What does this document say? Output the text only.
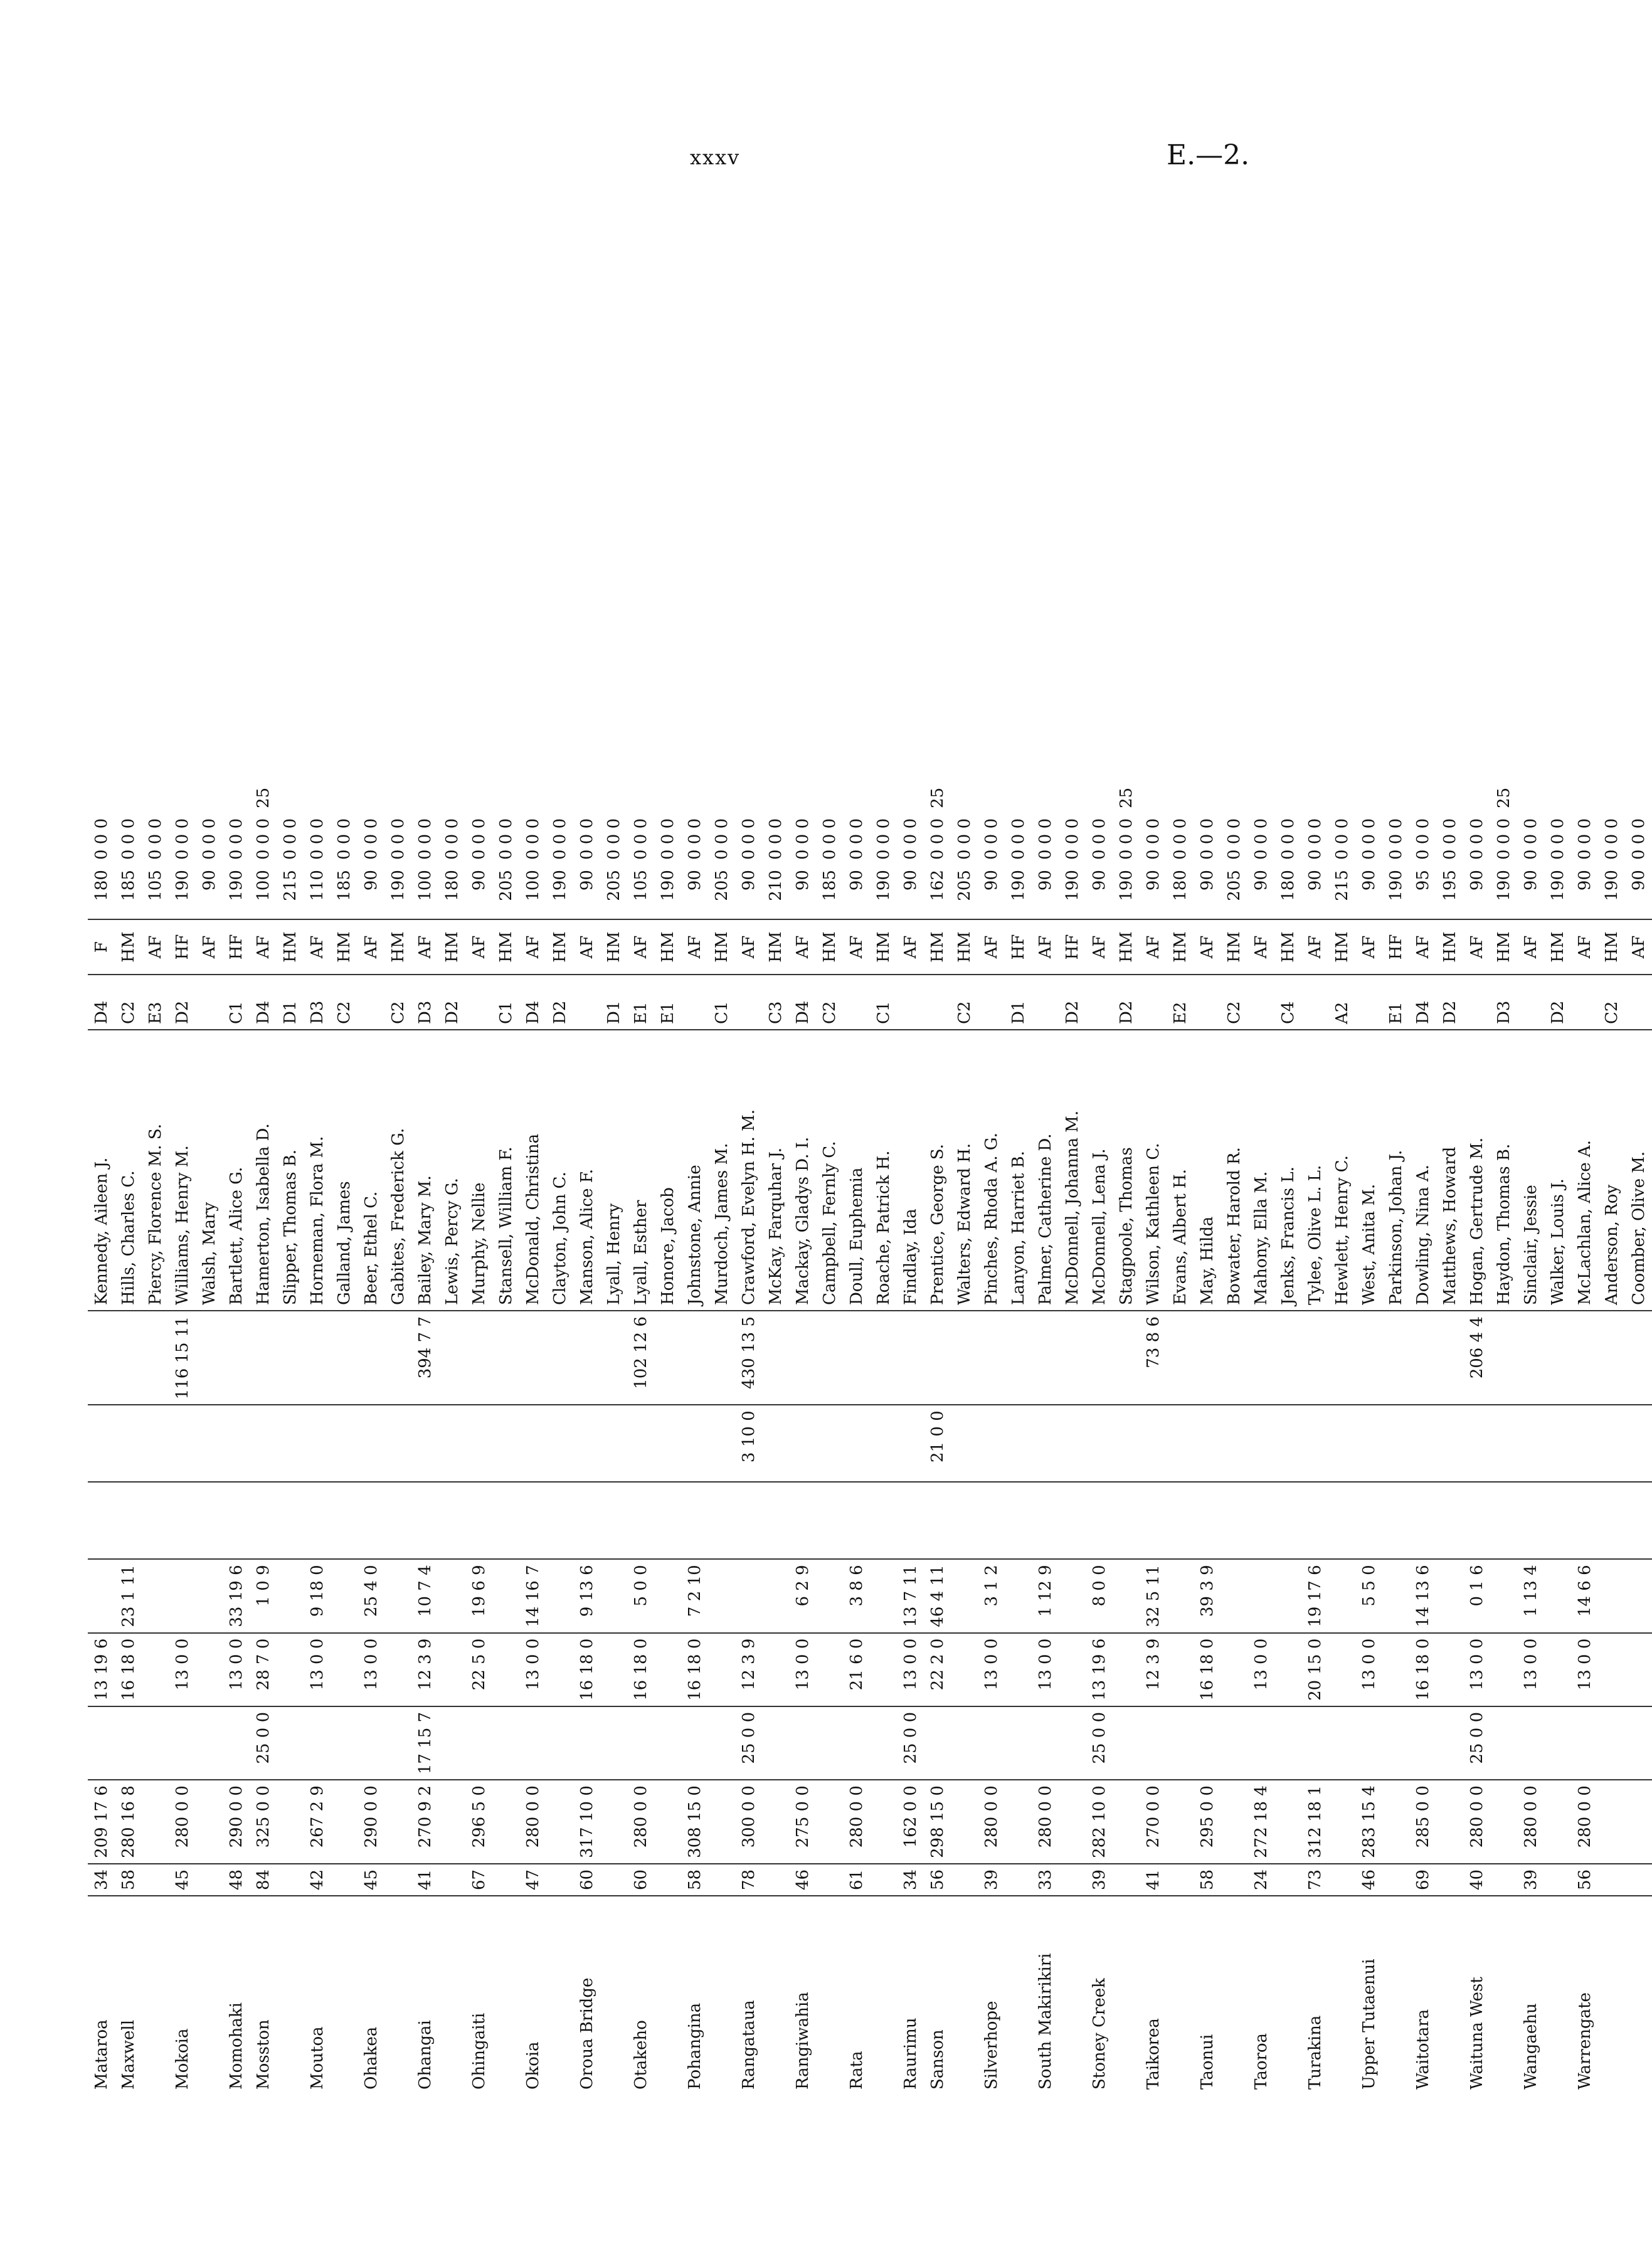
xxxv	E.—2.
Mataroa	34	209 17 6		13 19 6					Kennedy, Aileen J.	D4	F	180	0 0 0	
Maxwell	58	280 16 8		16 18 0	23 1 11				Hills, Charles C.	C2	HM	185	0 0 0	
									Piercy, Florence M. S.	E3	AF	105	0 0 0	
Mokoia	45	280 0 0		13 0 0				116 15 11	Williams, Henry M.	D2	HF	190	0 0 0	
									Walsh, Mary		AF	90	0 0 0	
Momohaki	48	290 0 0		13 0 0	33 19 6				Bartlett, Alice G.	C1	HF	190	0 0 0	
Mosston	84	325 0 0	25 0 0	28 7 0	1 0 9				Hamerton, Isabella D.	D4	AF	100	0 0 0	25
									Slipper, Thomas B.	D1	HM	215	0 0 0	
Moutoa	42	267 2 9		13 0 0	9 18 0				Horneman, Flora M.	D3	AF	110	0 0 0	
									Galland, James	C2	HM	185	0 0 0	
Ohakea	45	290 0 0		13 0 0	25 4 0				Beer, Ethel C.		AF	90	0 0 0	
									Gabites, Frederick G.	C2	HM	190	0 0 0	
Ohangai	41	270 9 2	17 15 7	12 3 9	10 7 4			394 7 7	Bailey, Mary M.	D3	AF	100	0 0 0	
									Lewis, Percy G.	D2	HM	180	0 0 0	
Ohingaiti	67	296 5 0		22 5 0	19 6 9				Murphy, Nellie		AF	90	0 0 0	
									Stansell, William F.	C1	HM	205	0 0 0	
Okoia	47	280 0 0		13 0 0	14 16 7				McDonald, Christina	D4	AF	100	0 0 0	
									Clayton, John C.	D2	HM	190	0 0 0	
Oroua Bridge	60	317 10 0		16 18 0	9 13 6				Manson, Alice F.		AF	90	0 0 0	
									Lyall, Henry	D1	HM	205	0 0 0	
Otakeho	60	280 0 0		16 18 0	5 0 0			102 12 6	Lyall, Esther	E1	AF	105	0 0 0	
									Honore, Jacob	E1	HM	190	0 0 0	
Pohangina	58	308 15 0		16 18 0	7 2 10				Johnstone, Annie		AF	90	0 0 0	
									Murdoch, James M.	C1	HM	205	0 0 0	
Rangataua	78	300 0 0	25 0 0	12 3 9			3 10 0	430 13 5	Crawford, Evelyn H. M.		AF	90	0 0 0	
									McKay, Farquhar J.	C3	HM	210	0 0 0	
Rangiwahia	46	275 0 0		13 0 0	6 2 9				Mackay, Gladys D. I.	D4	AF	90	0 0 0	
									Campbell, Fernly C.	C2	HM	185	0 0 0	
Rata	61	280 0 0		21 6 0	3 8 6				Doull, Euphemia		AF	90	0 0 0	
									Roache, Patrick H.	C1	HM	190	0 0 0	
Raurimu	34	162 0 0	25 0 0	13 0 0	13 7 11				Findlay, Ida		AF	90	0 0 0	
Sanson	56	298 15 0		22 2 0	46 4 11		21 0 0		Prentice, George S.		HM	162	0 0 0	25
									Walters, Edward H.	C2	HM	205	0 0 0	
Silverhope	39	280 0 0		13 0 0	3 1 2				Pinches, Rhoda A. G.		AF	90	0 0 0	
									Lanyon, Harriet B.	D1	HF	190	0 0 0	
South Makirikiri	33	280 0 0		13 0 0	1 12 9				Palmer, Catherine D.		AF	90	0 0 0	
									McDonnell, Johanna M.	D2	HF	190	0 0 0	
Stoney Creek	39	282 10 0	25 0 0	13 19 6	8 0 0				McDonnell, Lena J.		AF	90	0 0 0	
									Stagpoole, Thomas	D2	HM	190	0 0 0	25
Taikorea	41	270 0 0		12 3 9	32 5 11			73 8 6	Wilson, Kathleen C.		AF	90	0 0 0	
									Evans, Albert H.	E2	HM	180	0 0 0	
Taonui	58	295 0 0		16 18 0	39 3 9				May, Hilda		AF	90	0 0 0	
									Bowater, Harold R.	C2	HM	205	0 0 0	
Taoroa	24	272 18 4		13 0 0					Mahony, Ella M.		AF	90	0 0 0	
									Jenks, Francis L.	C4	HM	180	0 0 0	
Turakina	73	312 18 1		20 15 0	19 17 6				Tylee, Olive L. L.		AF	90	0 0 0	
									Hewlett, Henry C.	A2	HM	215	0 0 0	
Upper Tutaenui	46	283 15 4		13 0 0	5 5 0				West, Anita M.		AF	90	0 0 0	
									Parkinson, Johan J.	E1	HF	190	0 0 0	
Waitotara	69	285 0 0		16 18 0	14 13 6				Dowling, Nina A.	D4	AF	95	0 0 0	
									Matthews, Howard	D2	HM	195	0 0 0	
Waituna West	40	280 0 0	25 0 0	13 0 0	0 1 6			206 4 4	Hogan, Gertrude M.		AF	90	0 0 0	
									Haydon, Thomas B.	D3	HM	190	0 0 0	25
Wangaehu	39	280 0 0		13 0 0	1 13 4				Sinclair, Jessie		AF	90	0 0 0	
									Walker, Louis J.	D2	HM	190	0 0 0	
Warrengate	56	280 0 0		13 0 0	14 6 6				McLachlan, Alice A.		AF	90	0 0 0	
									Anderson, Roy	C2	HM	190	0 0 0	
									Coomber, Olive M.		AF	90	0 0 0	
